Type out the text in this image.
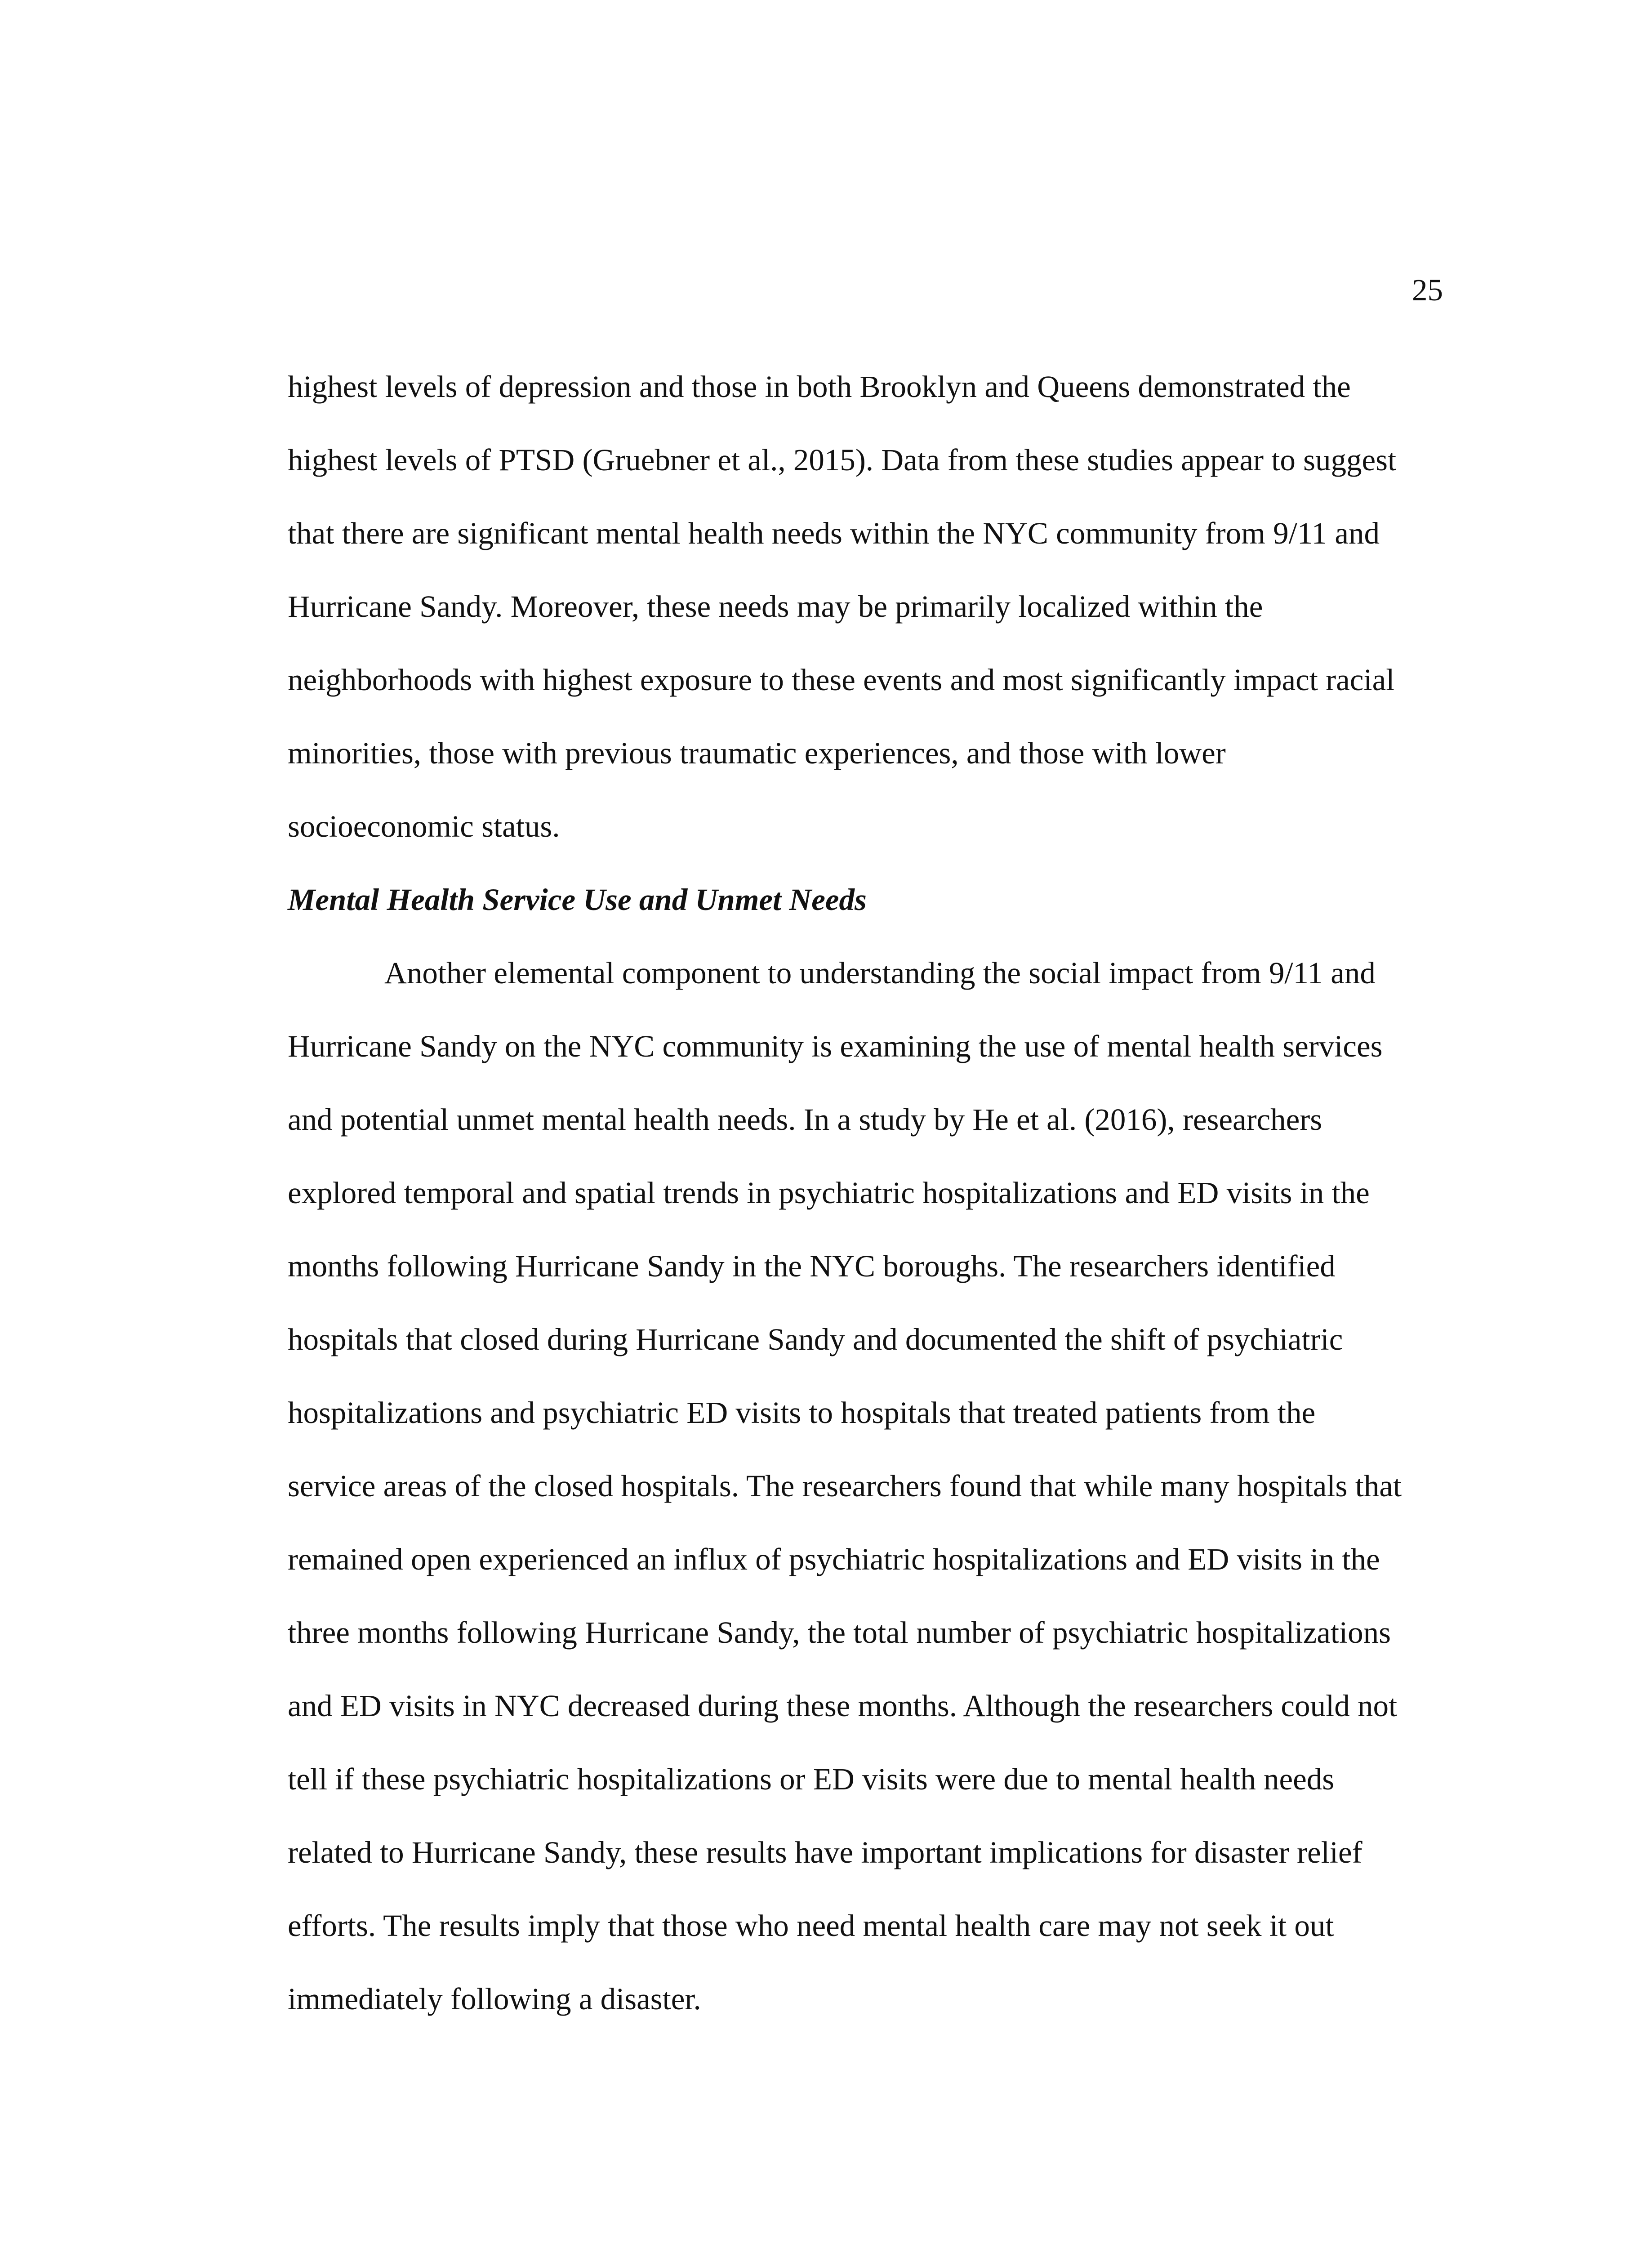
25
highest levels of depression and those in both Brooklyn and Queens demonstrated the
highest levels of PTSD (Gruebner et al., 2015). Data from these studies appear to suggest
that there are significant mental health needs within the NYC community from 9/11 and
Hurricane Sandy. Moreover, these needs may be primarily localized within the
neighborhoods with highest exposure to these events and most significantly impact racial
minorities, those with previous traumatic experiences, and those with lower
socioeconomic status.
Mental Health Service Use and Unmet Needs
Another elemental component to understanding the social impact from 9/11 and
Hurricane Sandy on the NYC community is examining the use of mental health services
and potential unmet mental health needs. In a study by He et al. (2016), researchers
explored temporal and spatial trends in psychiatric hospitalizations and ED visits in the
months following Hurricane Sandy in the NYC boroughs. The researchers identified
hospitals that closed during Hurricane Sandy and documented the shift of psychiatric
hospitalizations and psychiatric ED visits to hospitals that treated patients from the
service areas of the closed hospitals. The researchers found that while many hospitals that
remained open experienced an influx of psychiatric hospitalizations and ED visits in the
three months following Hurricane Sandy, the total number of psychiatric hospitalizations
and ED visits in NYC decreased during these months. Although the researchers could not
tell if these psychiatric hospitalizations or ED visits were due to mental health needs
related to Hurricane Sandy, these results have important implications for disaster relief
efforts. The results imply that those who need mental health care may not seek it out
immediately following a disaster.
